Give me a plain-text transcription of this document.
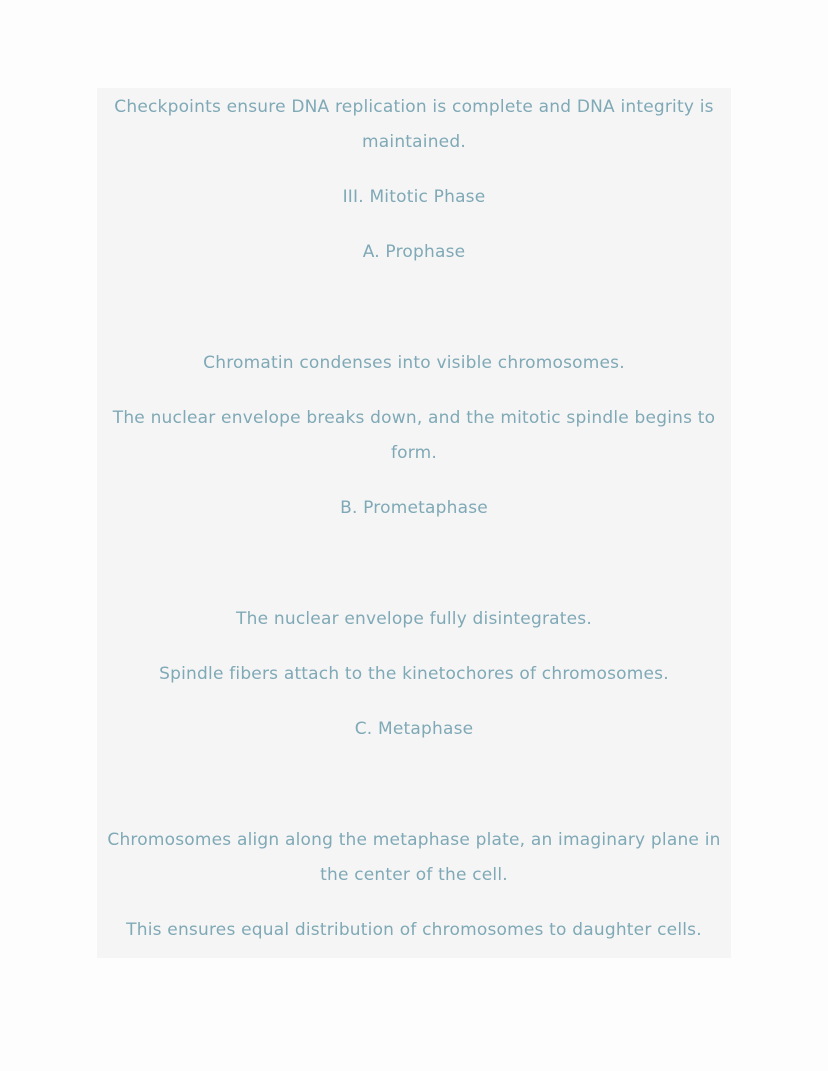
Checkpoints ensure DNA replication is complete and DNA integrity is maintained.
III. Mitotic Phase
A. Prophase
Chromatin condenses into visible chromosomes.
The nuclear envelope breaks down, and the mitotic spindle begins to form.
B. Prometaphase
The nuclear envelope fully disintegrates.
Spindle fibers attach to the kinetochores of chromosomes.
C. Metaphase
Chromosomes align along the metaphase plate, an imaginary plane in the center of the cell.
This ensures equal distribution of chromosomes to daughter cells.
